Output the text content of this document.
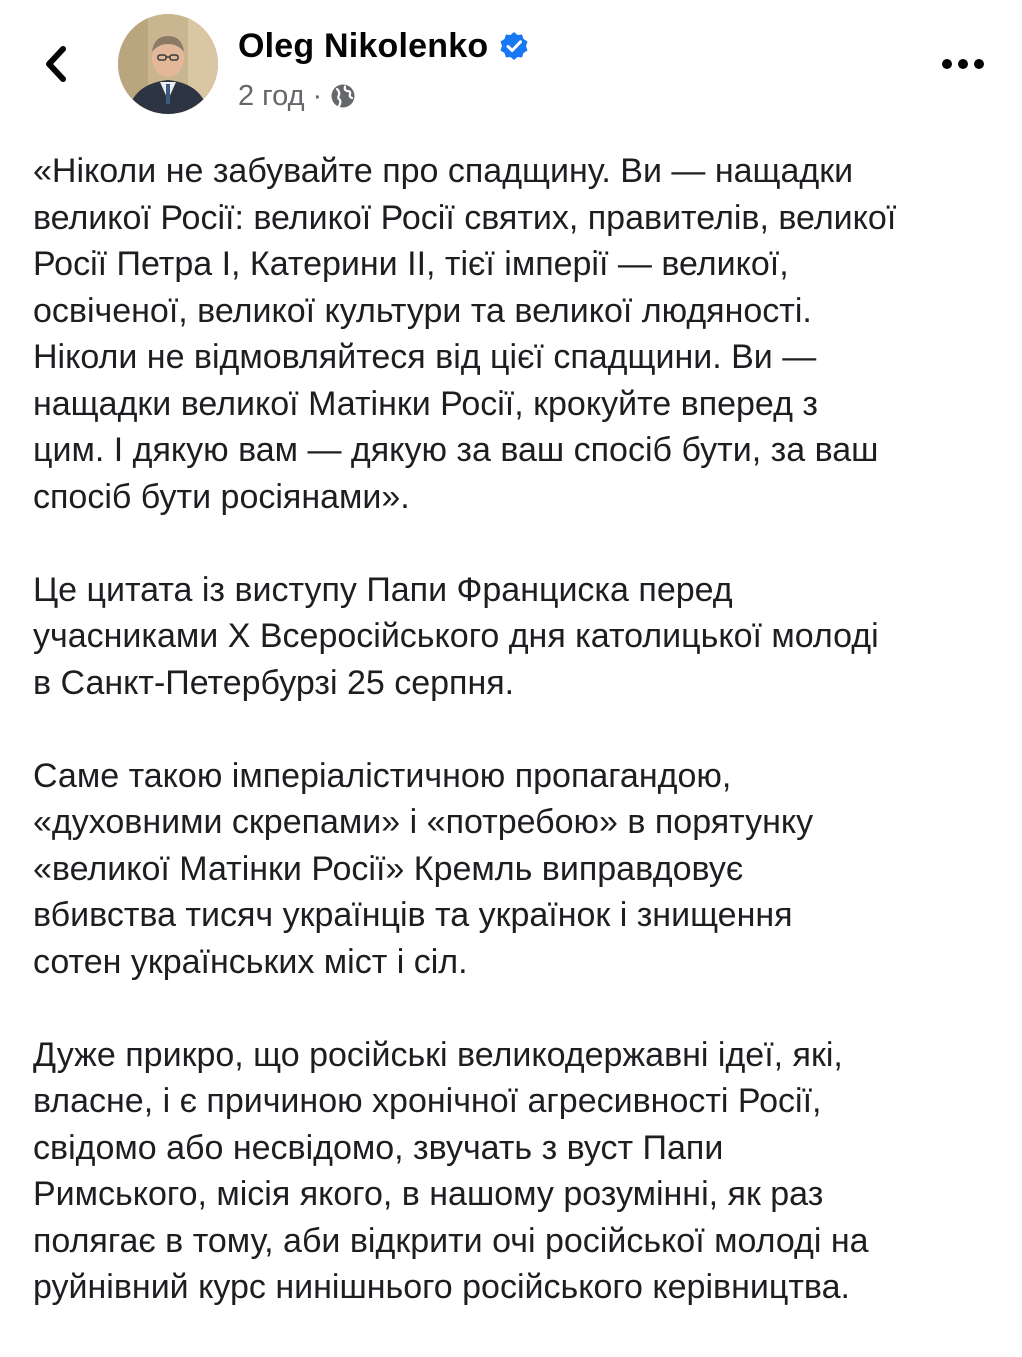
Oleg Nikolenko
2 год ·
«Ніколи не забувайте про спадщину. Ви — нащадки
великої Росії: великої Росії святих, правителів, великої
Росії Петра І, Катерини ІІ, тієї імперії — великої,
освіченої, великої культури та великої людяності.
Ніколи не відмовляйтеся від цієї спадщини. Ви —
нащадки великої Матінки Росії, крокуйте вперед з
цим. І дякую вам — дякую за ваш спосіб бути, за ваш
спосіб бути росіянами».
Це цитата із виступу Папи Франциска перед
учасниками Х Всеросійського дня католицької молоді
в Санкт-Петербурзі 25 серпня.
Саме такою імперіалістичною пропагандою,
«духовними скрепами» і «потребою» в порятунку
«великої Матінки Росії» Кремль виправдовує
вбивства тисяч українців та українок і знищення
сотен українських міст і сіл.
Дуже прикро, що російські великодержавні ідеї, які,
власне, і є причиною хронічної агресивності Росії,
свідомо або несвідомо, звучать з вуст Папи
Римського, місія якого, в нашому розумінні, як раз
полягає в тому, аби відкрити очі російської молоді на
руйнівний курс нинішнього російського керівництва.
